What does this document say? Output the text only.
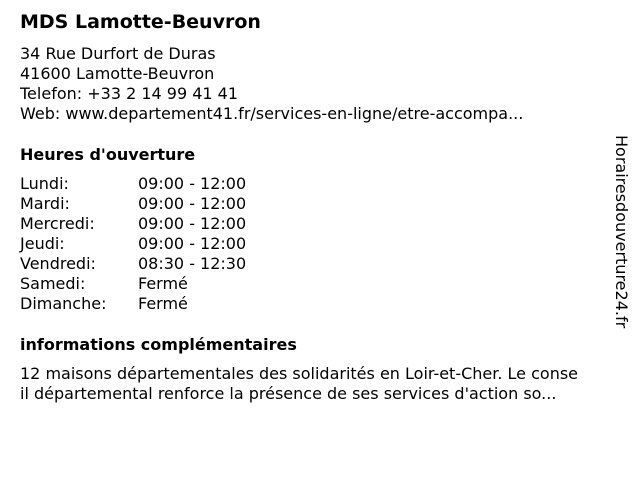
MDS Lamotte-Beuvron
34 Rue Durfort de Duras
41600 Lamotte-Beuvron
Telefon: +33 2 14 99 41 41
Web: www.departement41.fr/services-en-ligne/etre-accompa...
Heures d'ouverture
Lundi:	09:00 - 12:00
Mardi:	09:00 - 12:00
Mercredi:	09:00 - 12:00
Jeudi:	09:00 - 12:00
Vendredi:	08:30 - 12:30
Samedi:	Fermé
Dimanche:	Fermé
informations complémentaires
12 maisons départementales des solidarités en Loir-et-Cher. Le conse
il départemental renforce la présence de ses services d'action so...
Horairesdouverture24.fr
